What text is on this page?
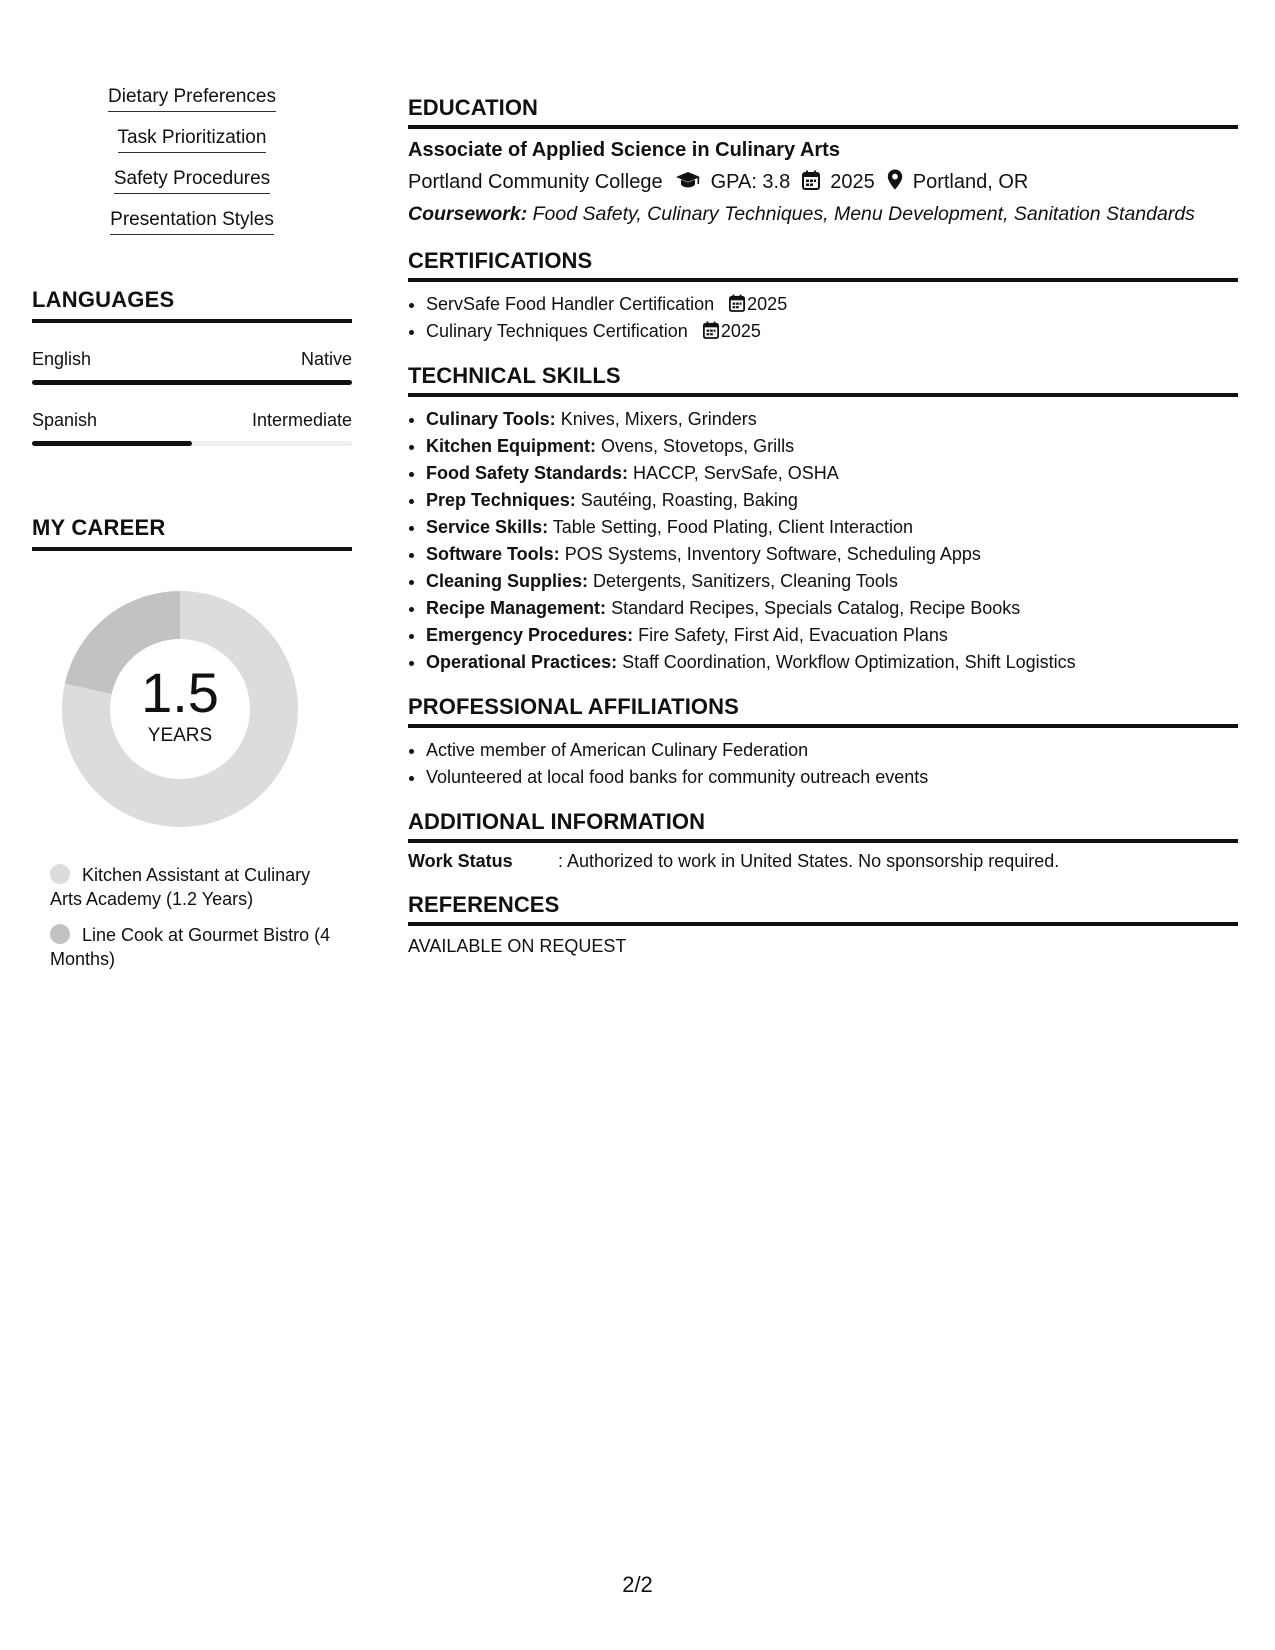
Dietary Preferences
Task Prioritization
Safety Procedures
Presentation Styles
LANGUAGES
English	Native
Spanish	Intermediate
MY CAREER
1.5
YEARS
Kitchen Assistant at Culinary Arts Academy (1.2 Years)
Line Cook at Gourmet Bistro (4 Months)
EDUCATION
Associate of Applied Science in Culinary Arts
Portland Community College GPA: 3.8 2025 Portland, OR
Coursework: Food Safety, Culinary Techniques, Menu Development, Sanitation Standards
CERTIFICATIONS
• ServSafe Food Handler Certification 2025
• Culinary Techniques Certification 2025
TECHNICAL SKILLS
• Culinary Tools: Knives, Mixers, Grinders
• Kitchen Equipment: Ovens, Stovetops, Grills
• Food Safety Standards: HACCP, ServSafe, OSHA
• Prep Techniques: Sautéing, Roasting, Baking
• Service Skills: Table Setting, Food Plating, Client Interaction
• Software Tools: POS Systems, Inventory Software, Scheduling Apps
• Cleaning Supplies: Detergents, Sanitizers, Cleaning Tools
• Recipe Management: Standard Recipes, Specials Catalog, Recipe Books
• Emergency Procedures: Fire Safety, First Aid, Evacuation Plans
• Operational Practices: Staff Coordination, Workflow Optimization, Shift Logistics
PROFESSIONAL AFFILIATIONS
• Active member of American Culinary Federation
• Volunteered at local food banks for community outreach events
ADDITIONAL INFORMATION
Work Status	: Authorized to work in United States. No sponsorship required.
REFERENCES
AVAILABLE ON REQUEST
2/2
